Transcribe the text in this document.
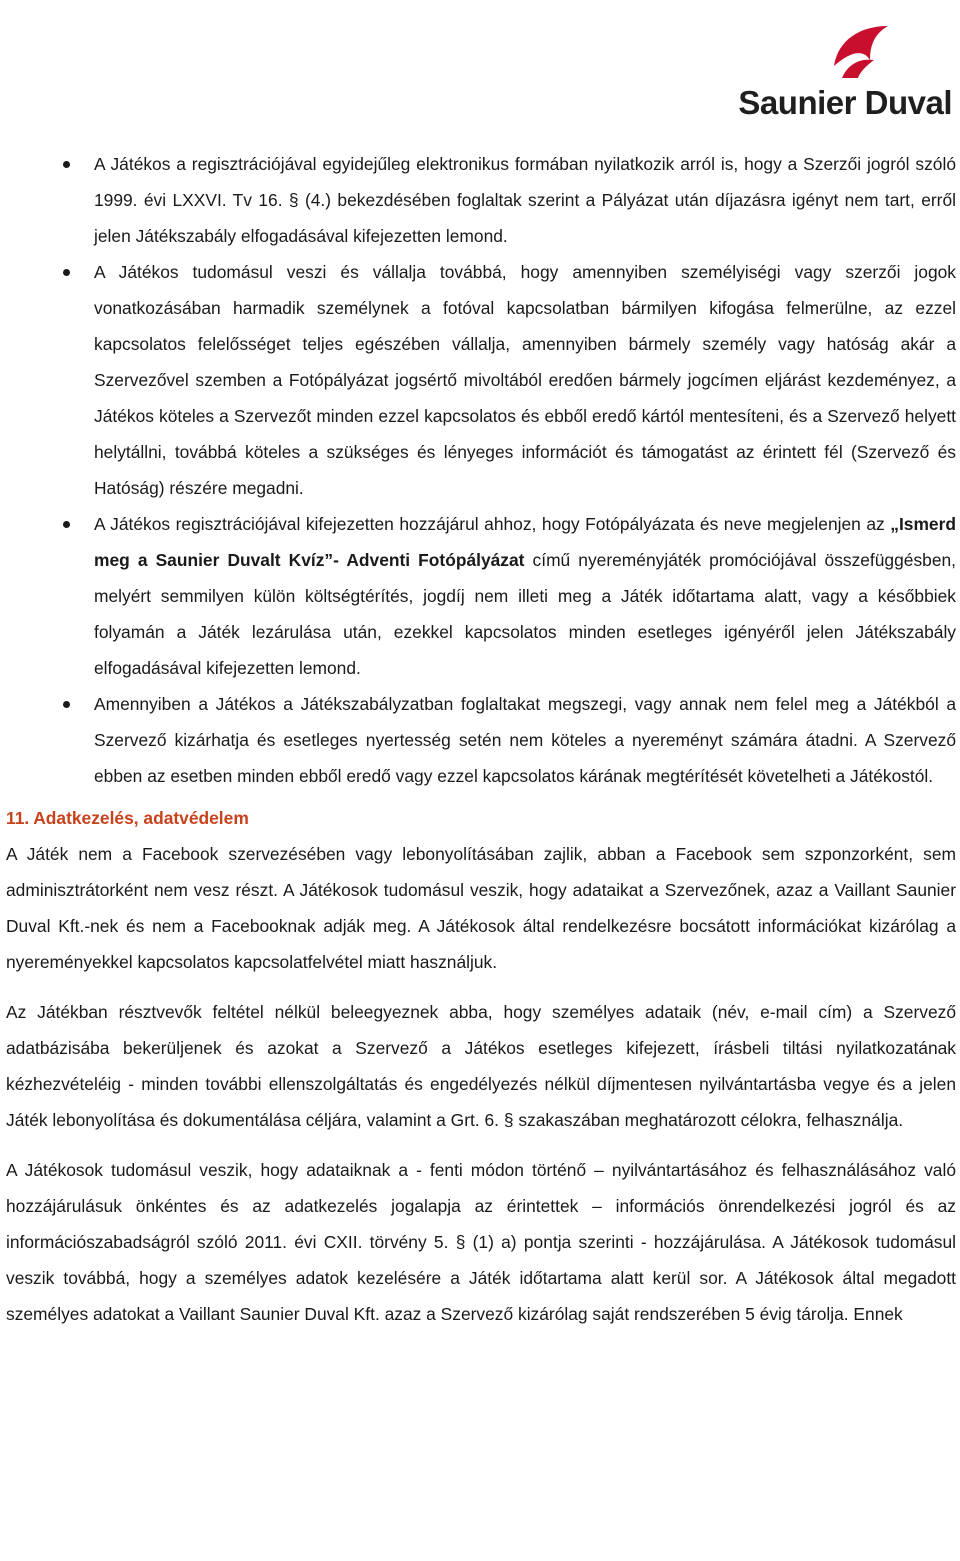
Saunier Duval
A Játékos a regisztrációjával egyidejűleg elektronikus formában nyilatkozik arról is, hogy a Szerzői jogról szóló 1999. évi LXXVI. Tv 16. § (4.) bekezdésében foglaltak szerint a Pályázat után díjazásra igényt nem tart, erről jelen Játékszabály elfogadásával kifejezetten lemond.
A Játékos tudomásul veszi és vállalja továbbá, hogy amennyiben személyiségi vagy szerzői jogok vonatkozásában harmadik személynek a fotóval kapcsolatban bármilyen kifogása felmerülne, az ezzel kapcsolatos felelősséget teljes egészében vállalja, amennyiben bármely személy vagy hatóság akár a Szervezővel szemben a Fotópályázat jogsértő mivoltából eredően bármely jogcímen eljárást kezdeményez, a Játékos köteles a Szervezőt minden ezzel kapcsolatos és ebből eredő kártól mentesíteni, és a Szervező helyett helytállni, továbbá köteles a szükséges és lényeges információt és támogatást az érintett fél (Szervező és Hatóság) részére megadni.
A Játékos regisztrációjával kifejezetten hozzájárul ahhoz, hogy Fotópályázata és neve megjelenjen az „Ismerd meg a Saunier Duvalt Kvíz”- Adventi Fotópályázat című nyereményjáték promóciójával összefüggésben, melyért semmilyen külön költségtérítés, jogdíj nem illeti meg a Játék időtartama alatt, vagy a későbbiek folyamán a Játék lezárulása után, ezekkel kapcsolatos minden esetleges igényéről jelen Játékszabály elfogadásával kifejezetten lemond.
Amennyiben a Játékos a Játékszabályzatban foglaltakat megszegi, vagy annak nem felel meg a Játékból a Szervező kizárhatja és esetleges nyertesség setén nem köteles a nyereményt számára átadni. A Szervező ebben az esetben minden ebből eredő vagy ezzel kapcsolatos kárának megtérítését követelheti a Játékostól.
11. Adatkezelés, adatvédelem

A Játék nem a Facebook szervezésében vagy lebonyolításában zajlik, abban a Facebook sem szponzorként, sem adminisztrátorként nem vesz részt. A Játékosok tudomásul veszik, hogy adataikat a Szervezőnek, azaz a Vaillant Saunier Duval Kft.-nek és nem a Facebooknak adják meg. A Játékosok által rendelkezésre bocsátott információkat kizárólag a nyereményekkel kapcsolatos kapcsolatfelvétel miatt használjuk.

Az Játékban résztvevők feltétel nélkül beleegyeznek abba, hogy személyes adataik (név, e-mail cím) a Szervező adatbázisába bekerüljenek és azokat a Szervező a Játékos esetleges kifejezett, írásbeli tiltási nyilatkozatának kézhezvételéig - minden további ellenszolgáltatás és engedélyezés nélkül díjmentesen nyilvántartásba vegye és a jelen Játék lebonyolítása és dokumentálása céljára, valamint a Grt. 6. § szakaszában meghatározott célokra, felhasználja.

A Játékosok tudomásul veszik, hogy adataiknak a - fenti módon történő – nyilvántartásához és felhasználásához való hozzájárulásuk önkéntes és az adatkezelés jogalapja az érintettek – információs önrendelkezési jogról és az információszabadságról szóló 2011. évi CXII. törvény 5. § (1) a) pontja szerinti - hozzájárulása. A Játékosok tudomásul veszik továbbá, hogy a személyes adatok kezelésére a Játék időtartama alatt kerül sor. A Játékosok által megadott személyes adatokat a Vaillant Saunier Duval Kft. azaz a Szervező kizárólag saját rendszerében 5 évig tárolja. Ennek
